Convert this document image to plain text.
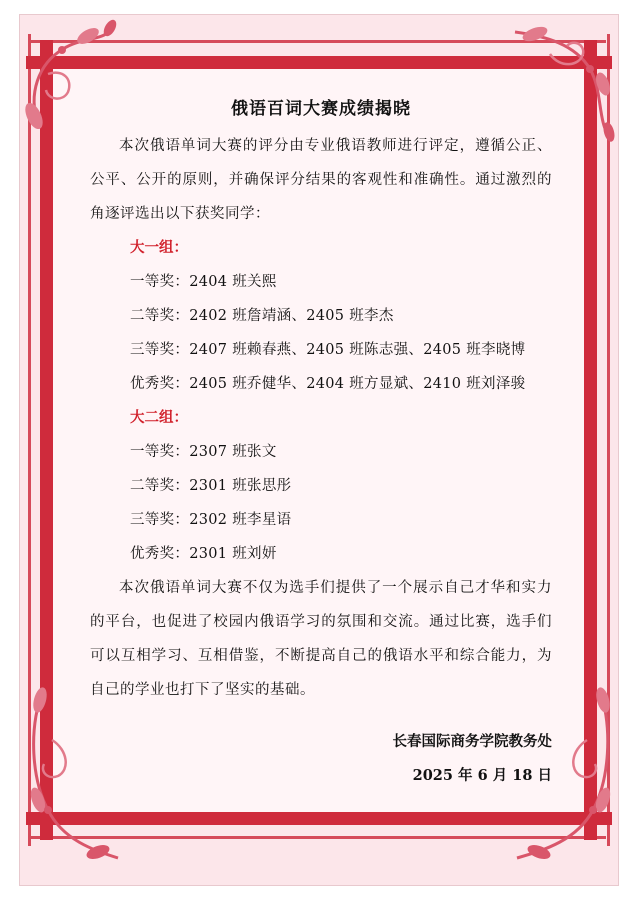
俄语百词大赛成绩揭晓

本次俄语单词大赛的评分由专业俄语教师进行评定，遵循公正、公平、公开的原则，并确保评分结果的客观性和准确性。通过激烈的角逐评选出以下获奖同学：

大一组：
一等奖：2404 班关熙
二等奖：2402 班詹靖涵、2405 班李杰
三等奖：2407 班赖春燕、2405 班陈志强、2405 班李晓博
优秀奖：2405 班乔健华、2404 班方显斌、2410 班刘泽骏
大二组：
一等奖：2307 班张文
二等奖：2301 班张思彤
三等奖：2302 班李星语
优秀奖：2301 班刘妍

本次俄语单词大赛不仅为选手们提供了一个展示自己才华和实力的平台，也促进了校园内俄语学习的氛围和交流。通过比赛，选手们可以互相学习、互相借鉴，不断提高自己的俄语水平和综合能力，为自己的学业也打下了坚实的基础。

长春国际商务学院教务处
2025 年 6 月 18 日
